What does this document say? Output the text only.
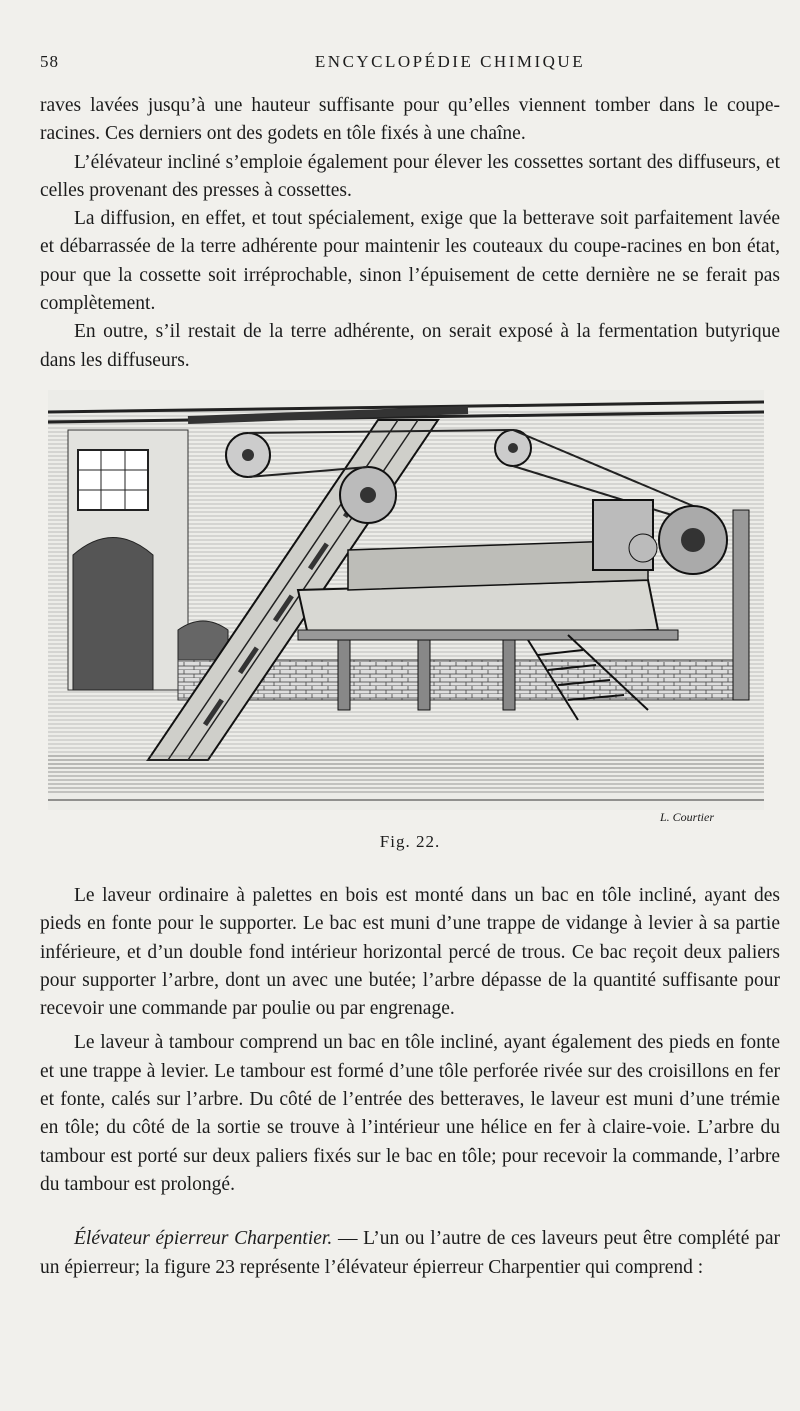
58	ENCYCLOPÉDIE CHIMIQUE

raves lavées jusqu’à une hauteur suffisante pour qu’elles viennent tomber dans le coupe-racines. Ces derniers ont des godets en tôle fixés à une chaîne.

L’élévateur incliné s’emploie également pour élever les cossettes sortant des diffuseurs, et celles provenant des presses à cossettes.

La diffusion, en effet, et tout spécialement, exige que la betterave soit parfaitement lavée et débarrassée de la terre adhérente pour maintenir les couteaux du coupe-racines en bon état, pour que la cossette soit irréprochable, sinon l’épuisement de cette dernière ne se ferait pas complètement.

En outre, s’il restait de la terre adhérente, on serait exposé à la fermentation butyrique dans les diffuseurs.

L. Courtier
Fig. 22.

Le laveur ordinaire à palettes en bois est monté dans un bac en tôle incliné, ayant des pieds en fonte pour le supporter. Le bac est muni d’une trappe de vidange à levier à sa partie inférieure, et d’un double fond intérieur horizontal percé de trous. Ce bac reçoit deux paliers pour supporter l’arbre, dont un avec une butée; l’arbre dépasse de la quantité suffisante pour recevoir une commande par poulie ou par engrenage.

Le laveur à tambour comprend un bac en tôle incliné, ayant également des pieds en fonte et une trappe à levier. Le tambour est formé d’une tôle perforée rivée sur des croisillons en fer et fonte, calés sur l’arbre. Du côté de l’entrée des betteraves, le laveur est muni d’une trémie en tôle; du côté de la sortie se trouve à l’intérieur une hélice en fer à claire-voie. L’arbre du tambour est porté sur deux paliers fixés sur le bac en tôle; pour recevoir la commande, l’arbre du tambour est prolongé.

Élévateur épierreur Charpentier. — L’un ou l’autre de ces laveurs peut être complété par un épierreur; la figure 23 représente l’élévateur épierreur Charpentier qui comprend :
